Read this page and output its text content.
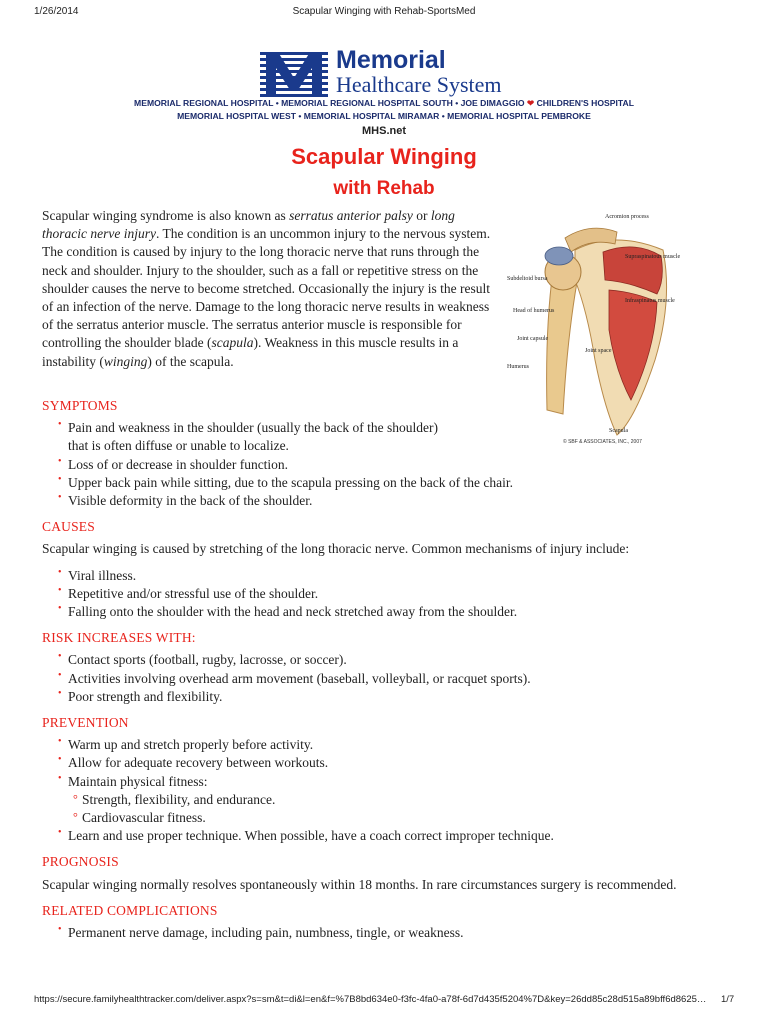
1/26/2014	Scapular Winging with Rehab-SportsMed
Memorial
Healthcare System
MEMORIAL REGIONAL HOSPITAL • MEMORIAL REGIONAL HOSPITAL SOUTH • JOE DIMAGGIO ❤ CHILDREN'S HOSPITAL
MEMORIAL HOSPITAL WEST • MEMORIAL HOSPITAL MIRAMAR • MEMORIAL HOSPITAL PEMBROKE
MHS.net
Scapular Winging
with Rehab

Scapular winging syndrome is also known as serratus anterior palsy or long thoracic nerve injury. The condition is an uncommon injury to the nervous system. The condition is caused by injury to the long thoracic nerve that runs through the neck and shoulder. Injury to the shoulder, such as a fall or repetitive stress on the shoulder causes the nerve to become stretched. Occasionally the injury is the result of an infection of the nerve. Damage to the long thoracic nerve results in weakness of the serratus anterior muscle. The serratus anterior muscle is responsible for controlling the shoulder blade (scapula). Weakness in this muscle results in a instability (winging) of the scapula.

Acromion process
Supraspinatous muscle
Subdeltoid bursa
Infraspinatus muscle
Head of humerus
Joint capsule
Joint space
Humerus
Scapula
© SBF & ASSOCIATES, INC., 2007
SYMPTOMS
• Pain and weakness in the shoulder (usually the back of the shoulder) that is often diffuse or unable to localize.
• Loss of or decrease in shoulder function.
• Upper back pain while sitting, due to the scapula pressing on the back of the chair.
• Visible deformity in the back of the shoulder.
CAUSES

Scapular winging is caused by stretching of the long thoracic nerve. Common mechanisms of injury include:

• Viral illness.
• Repetitive and/or stressful use of the shoulder.
• Falling onto the shoulder with the head and neck stretched away from the shoulder.
RISK INCREASES WITH:
• Contact sports (football, rugby, lacrosse, or soccer).
• Activities involving overhead arm movement (baseball, volleyball, or racquet sports).
• Poor strength and flexibility.
PREVENTION
• Warm up and stretch properly before activity.
• Allow for adequate recovery between workouts.
• Maintain physical fitness:
° Strength, flexibility, and endurance.
° Cardiovascular fitness.
• Learn and use proper technique. When possible, have a coach correct improper technique.
PROGNOSIS

Scapular winging normally resolves spontaneously within 18 months. In rare circumstances surgery is recommended.

RELATED COMPLICATIONS
• Permanent nerve damage, including pain, numbness, tingle, or weakness.
https://secure.familyhealthtracker.com/deliver.aspx?s=sm&t=di&l=en&f=%7B8bd634e0-f3fc-4fa0-a78f-6d7d435f5204%7D&key=26dd85c28d515a89bff6d8625…	1/7
